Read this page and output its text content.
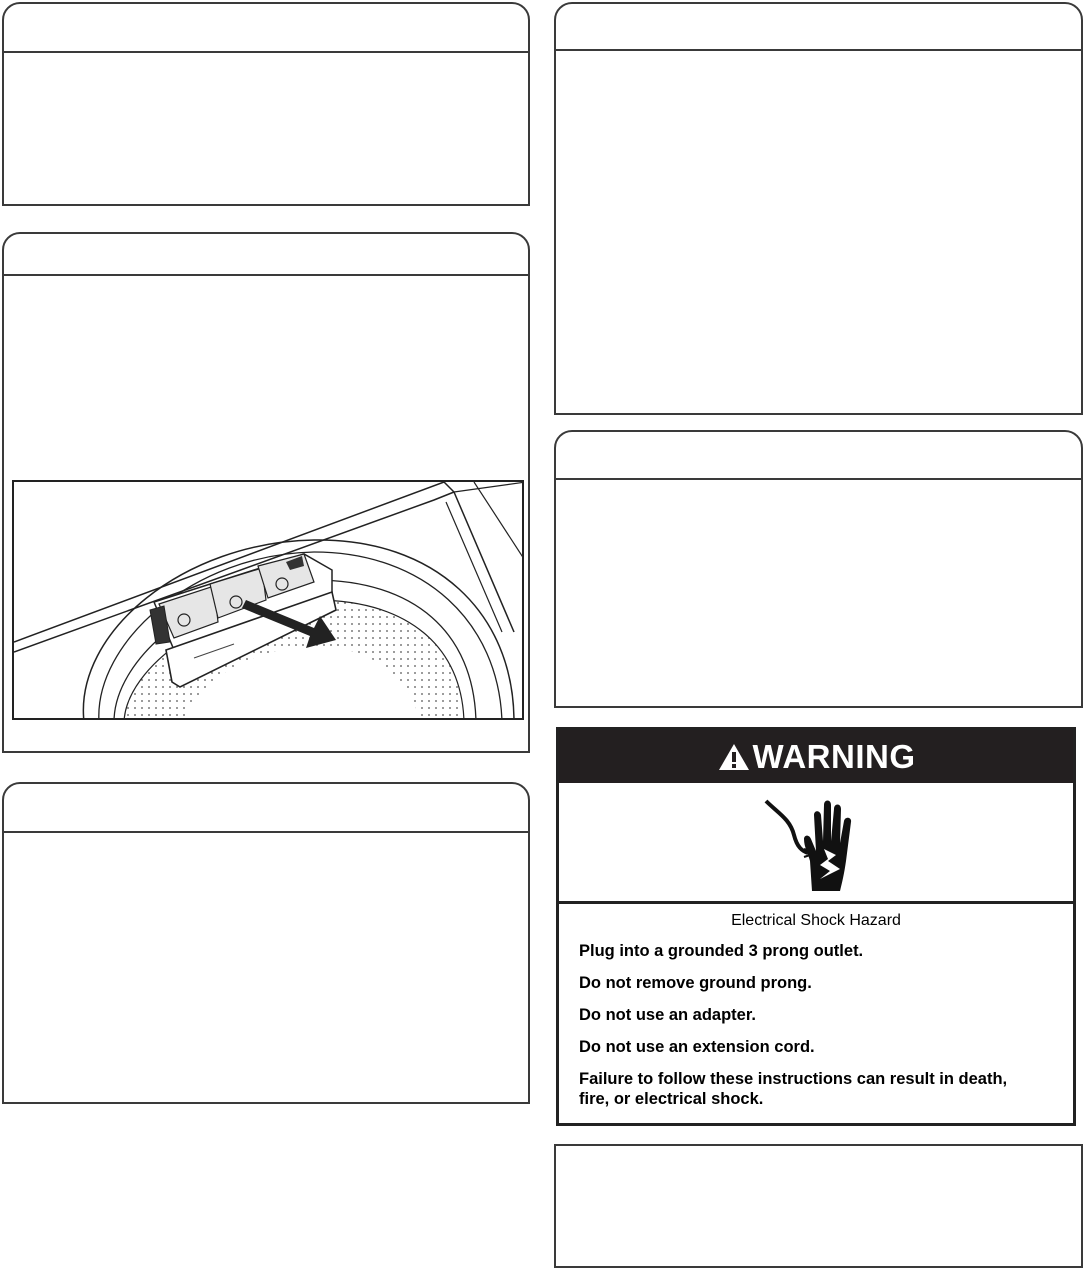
WARNING
Electrical Shock Hazard
Plug into a grounded 3 prong outlet.
Do not remove ground prong.
Do not use an adapter.
Do not use an extension cord.
Failure to follow these instructions can result in death,
fire, or electrical shock.
